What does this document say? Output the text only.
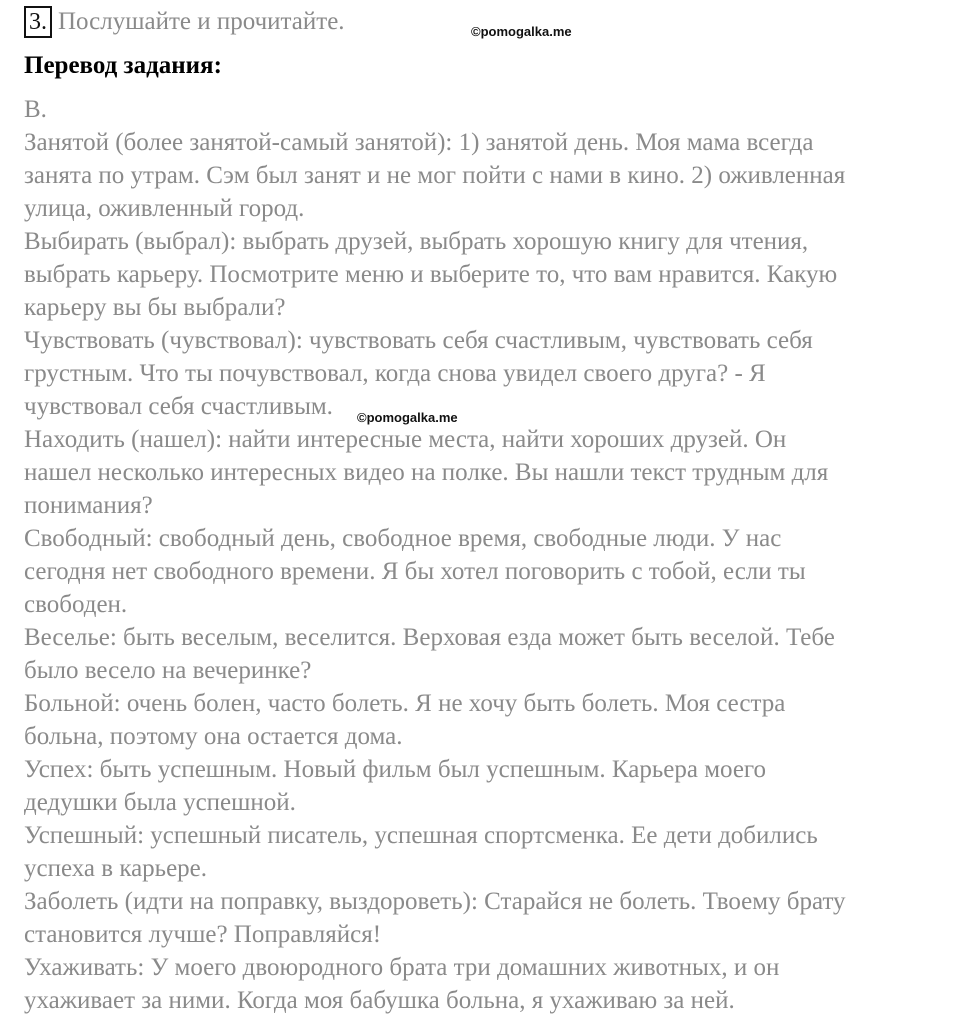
3. Послушайте и прочитайте.	©pomogalka.me
Перевод задания:
B.
Занятой (более занятой-самый занятой): 1) занятой день. Моя мама всегда
занята по утрам. Сэм был занят и не мог пойти с нами в кино. 2) оживленная
улица, оживленный город.
Выбирать (выбрал): выбрать друзей, выбрать хорошую книгу для чтения,
выбрать карьеру. Посмотрите меню и выберите то, что вам нравится. Какую
карьеру вы бы выбрали?
Чувствовать (чувствовал): чувствовать себя счастливым, чувствовать себя
грустным. Что ты почувствовал, когда снова увидел своего друга? - Я
чувствовал себя счастливым.
Находить (нашел): найти интересные места, найти хороших друзей. Он
нашел несколько интересных видео на полке. Вы нашли текст трудным для
понимания?
Свободный: свободный день, свободное время, свободные люди. У нас
сегодня нет свободного времени. Я бы хотел поговорить с тобой, если ты
свободен.
Веселье: быть веселым, веселится. Верховая езда может быть веселой. Тебе
было весело на вечеринке?
Больной: очень болен, часто болеть. Я не хочу быть болеть. Моя сестра
больна, поэтому она остается дома.
Успех: быть успешным. Новый фильм был успешным. Карьера моего
дедушки была успешной.
Успешный: успешный писатель, успешная спортсменка. Ее дети добились
успеха в карьере.
Заболеть (идти на поправку, выздороветь): Старайся не болеть. Твоему брату
становится лучше? Поправляйся!
Ухаживать: У моего двоюродного брата три домашних животных, и он
ухаживает за ними. Когда моя бабушка больна, я ухаживаю за ней.
©pomogalka.me
